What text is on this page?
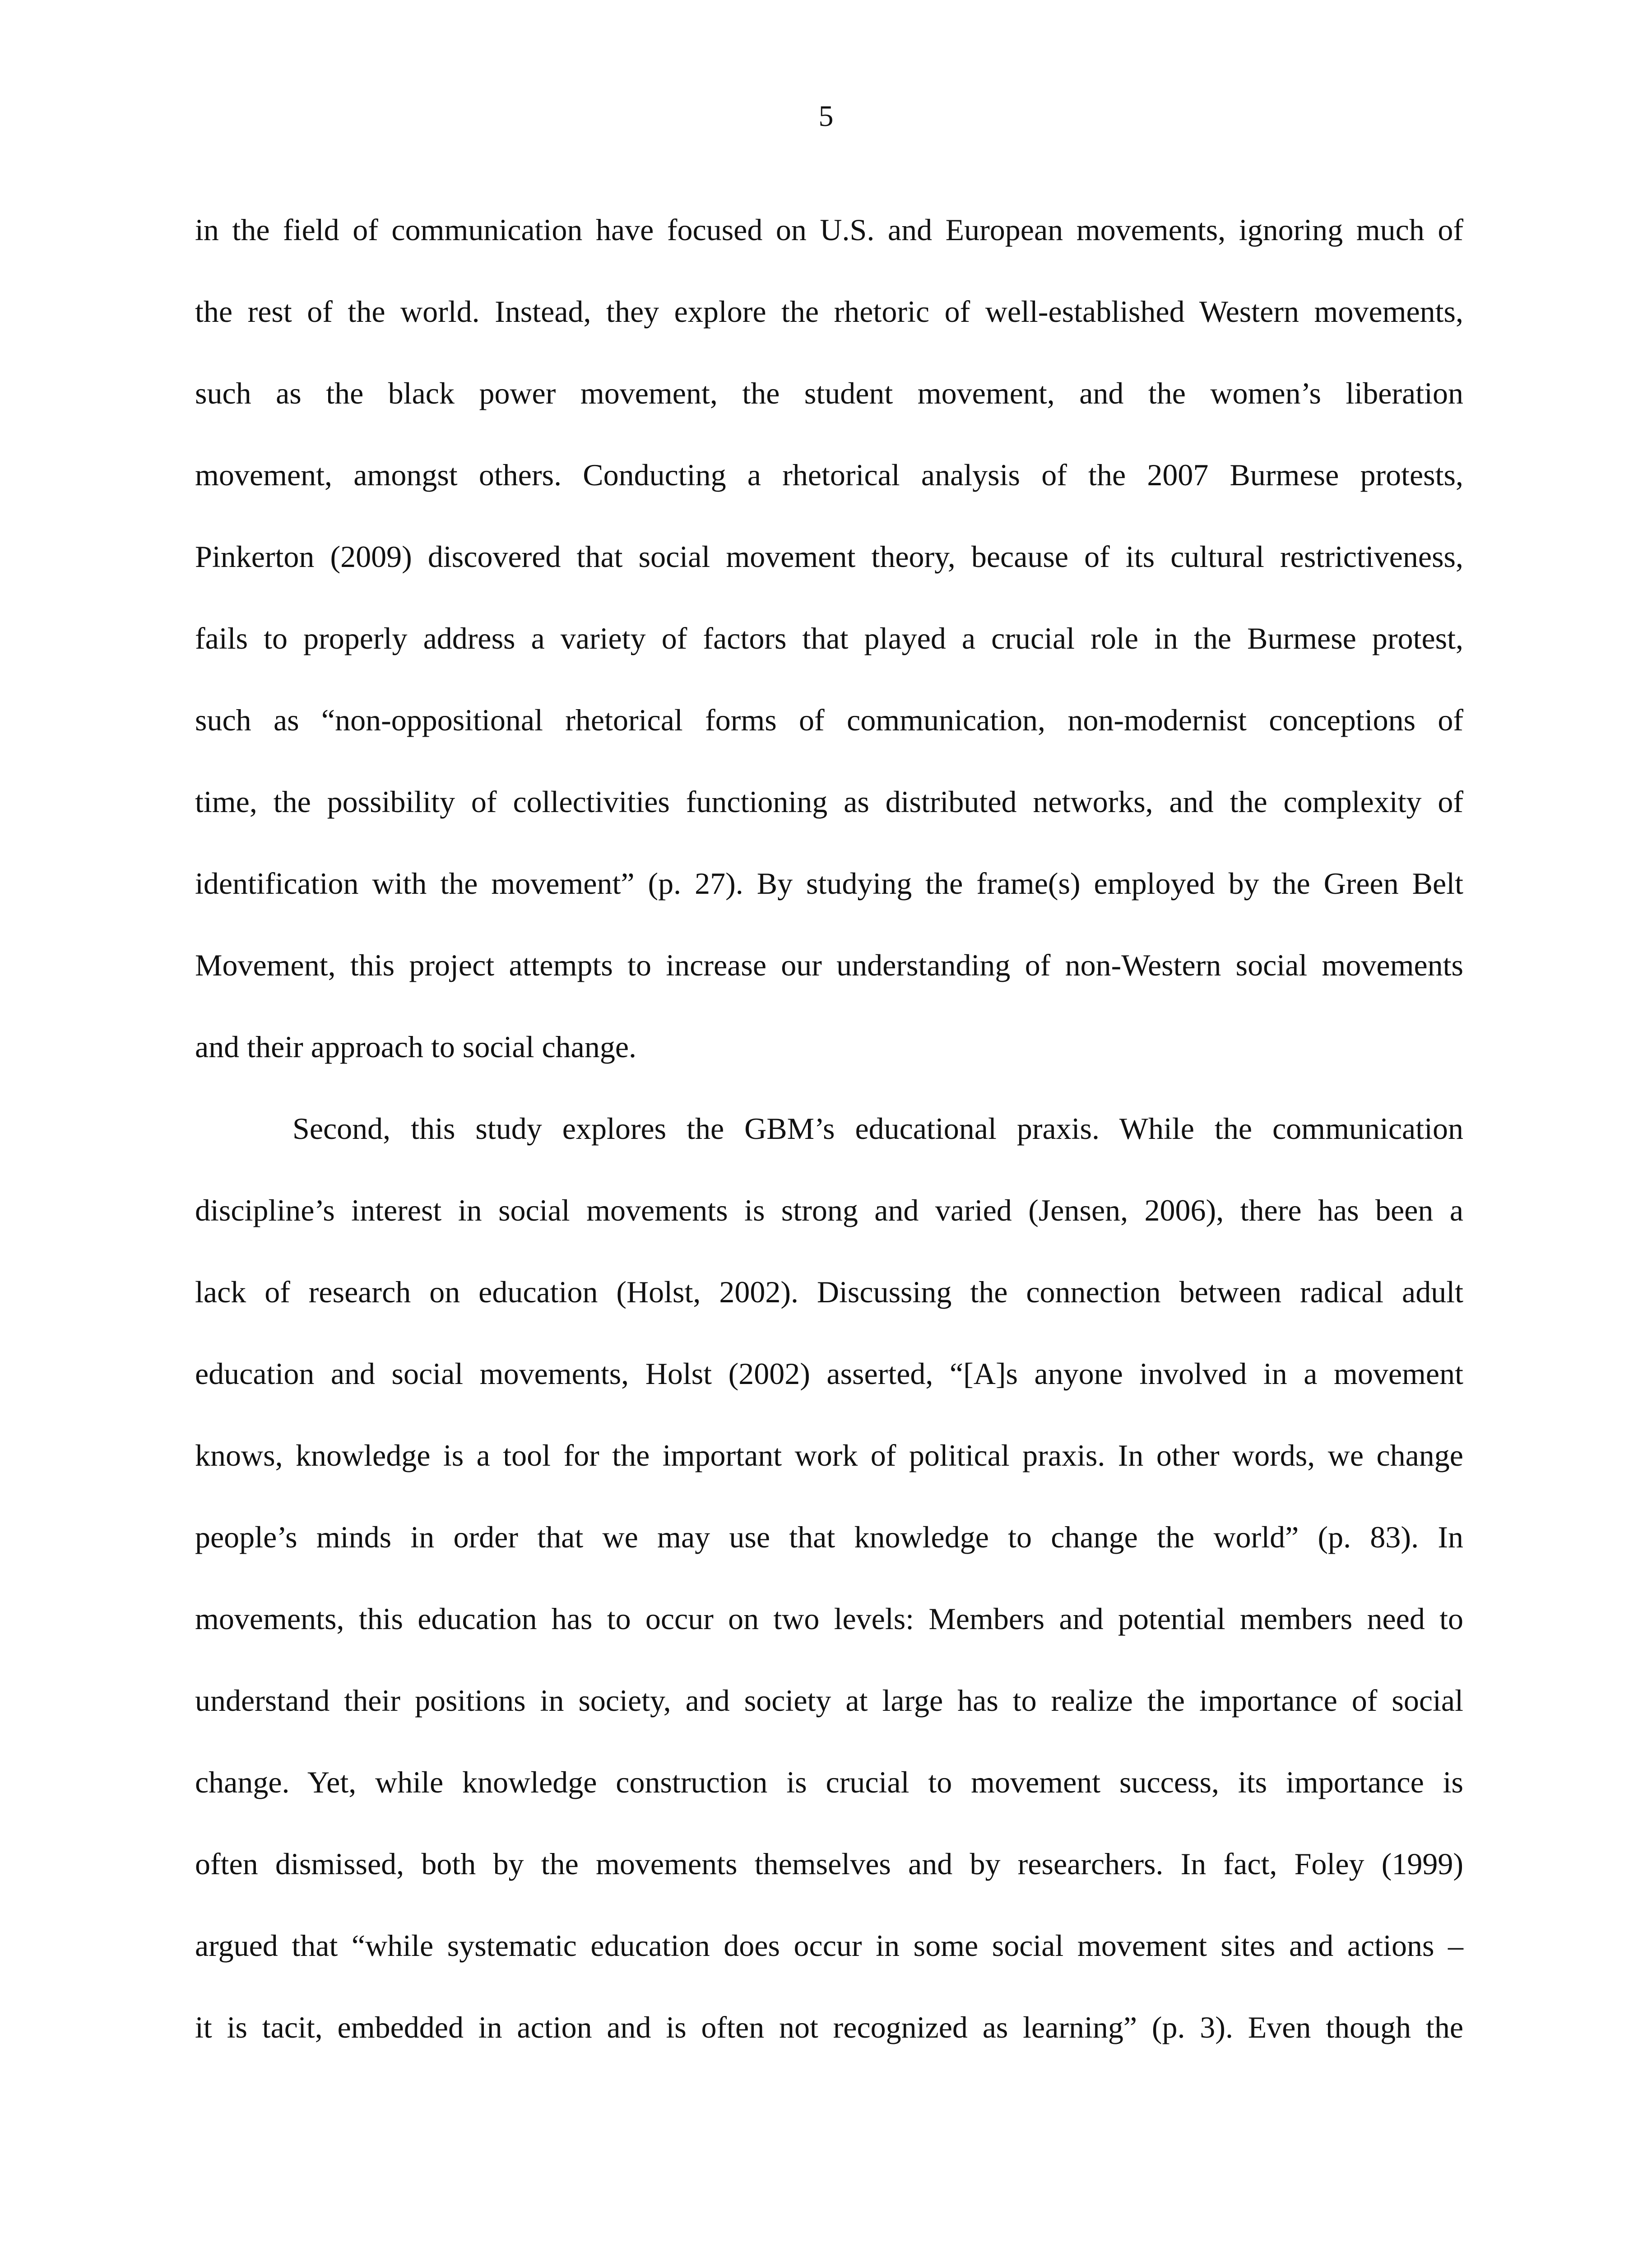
5
in the field of communication have focused on U.S. and European movements, ignoring much of
the rest of the world. Instead, they explore the rhetoric of well-established Western movements,
such as the black power movement, the student movement, and the women’s liberation
movement, amongst others. Conducting a rhetorical analysis of the 2007 Burmese protests,
Pinkerton (2009) discovered that social movement theory, because of its cultural restrictiveness,
fails to properly address a variety of factors that played a crucial role in the Burmese protest,
such as “non-oppositional rhetorical forms of communication, non-modernist conceptions of
time, the possibility of collectivities functioning as distributed networks, and the complexity of
identification with the movement” (p. 27). By studying the frame(s) employed by the Green Belt
Movement, this project attempts to increase our understanding of non-Western social movements
and their approach to social change.
Second, this study explores the GBM’s educational praxis. While the communication
discipline’s interest in social movements is strong and varied (Jensen, 2006), there has been a
lack of research on education (Holst, 2002). Discussing the connection between radical adult
education and social movements, Holst (2002) asserted, “[A]s anyone involved in a movement
knows, knowledge is a tool for the important work of political praxis. In other words, we change
people’s minds in order that we may use that knowledge to change the world” (p. 83). In
movements, this education has to occur on two levels: Members and potential members need to
understand their positions in society, and society at large has to realize the importance of social
change. Yet, while knowledge construction is crucial to movement success, its importance is
often dismissed, both by the movements themselves and by researchers. In fact, Foley (1999)
argued that “while systematic education does occur in some social movement sites and actions –
it is tacit, embedded in action and is often not recognized as learning” (p. 3). Even though the
